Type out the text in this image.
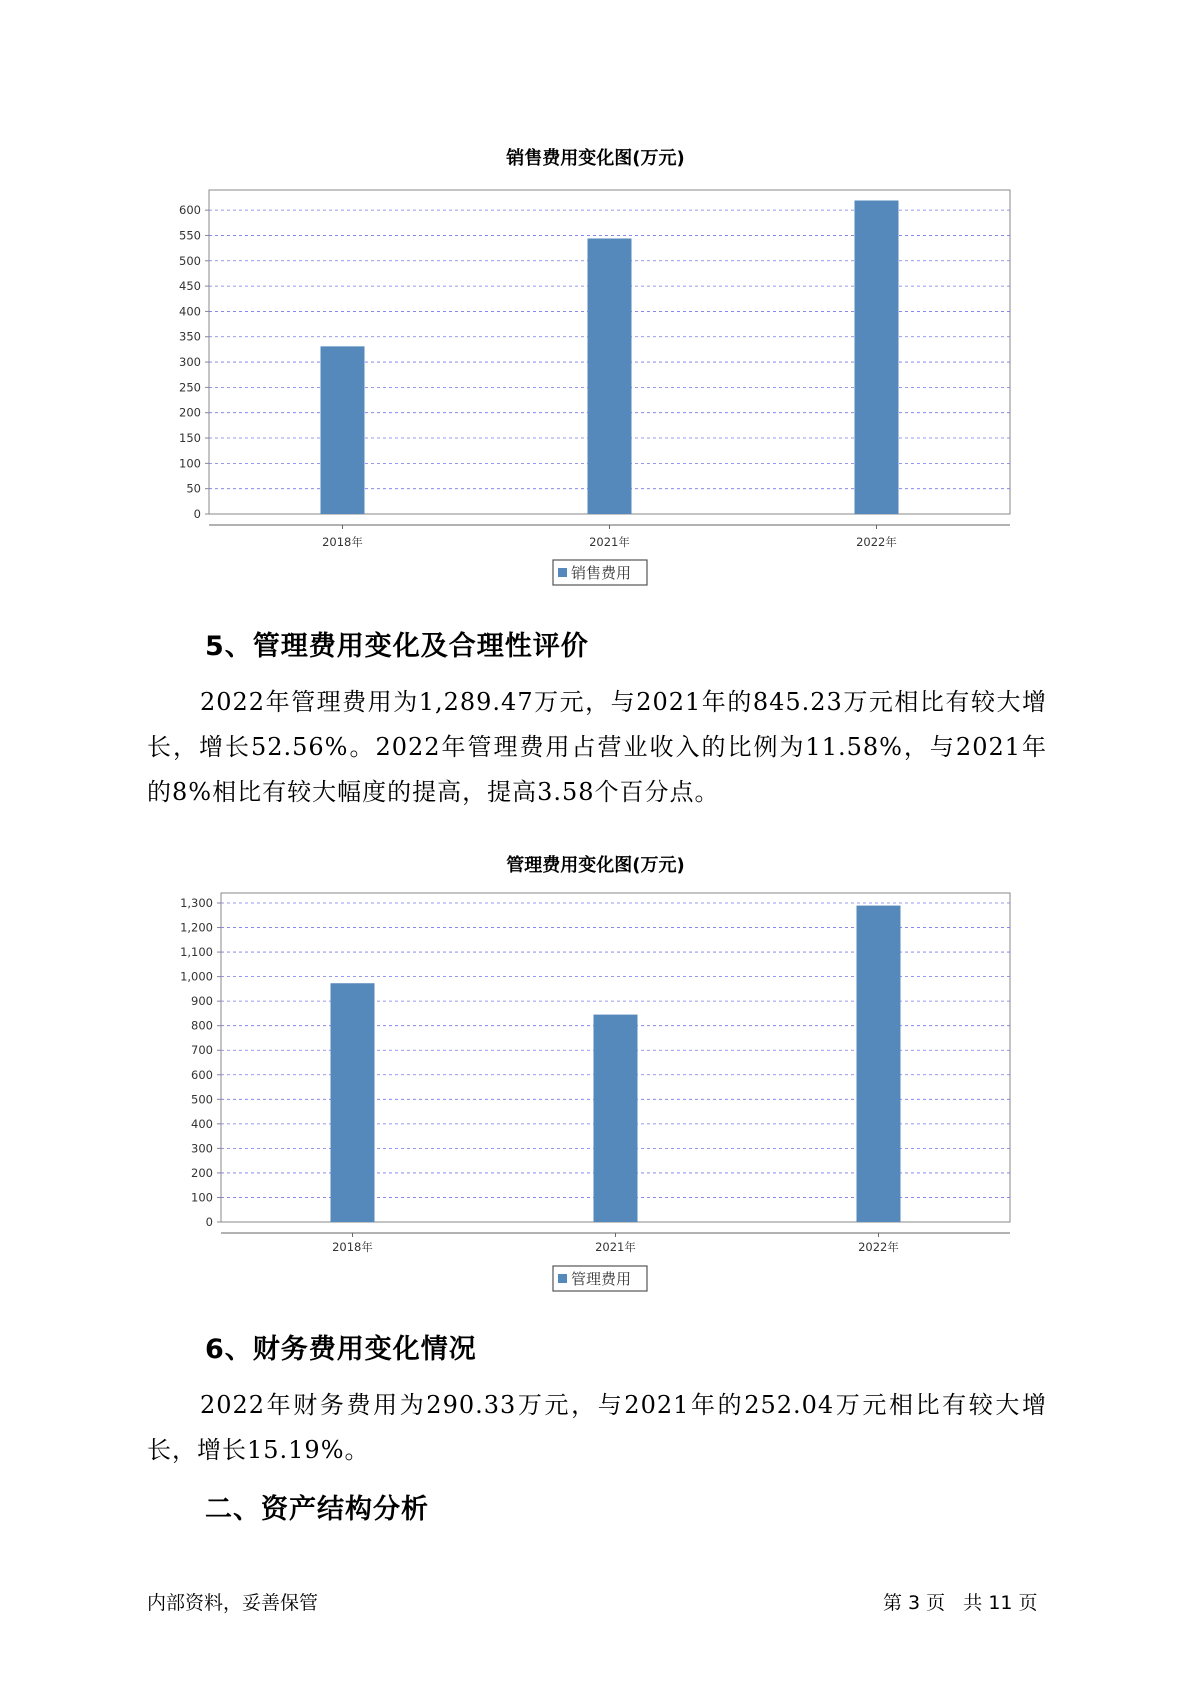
销售费用变化图(万元)
0
50
100
150
200
250
300
350
400
450
500
550
600
2018年	2021年	2022年
销售费用
5、管理费用变化及合理性评价

2022年管理费用为1,289.47万元，与2021年的845.23万元相比有较大增长，增长52.56%。2022年管理费用占营业收入的比例为11.58%，与2021年的8%相比有较大幅度的提高，提高3.58个百分点。

管理费用变化图(万元)
0
100
200
300
400
500
600
700
800
900
1,000
1,100
1,200
1,300
2018年	2021年	2022年
管理费用
6、财务费用变化情况

2022年财务费用为290.33万元，与2021年的252.04万元相比有较大增长，增长15.19%。

二、资产结构分析
内部资料，妥善保管	第 3 页   共 11 页
